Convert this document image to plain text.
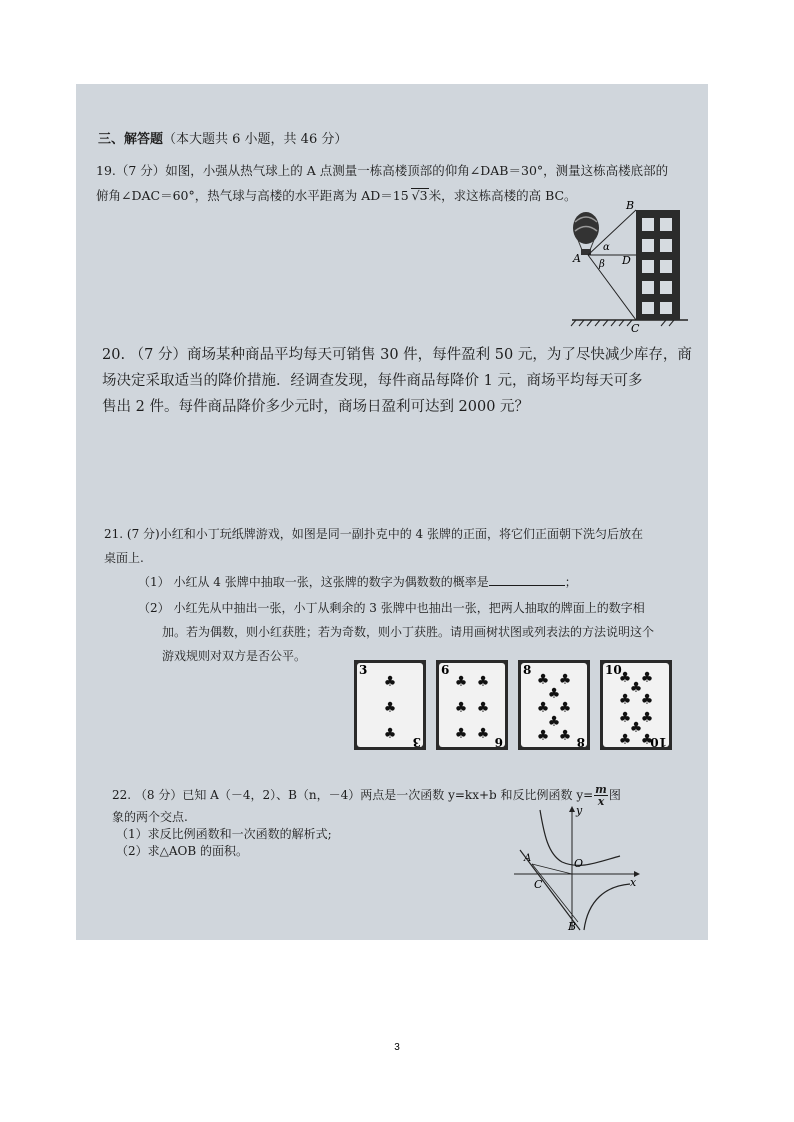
三、解答题（本大题共 6 小题，共 46 分）
19.（7 分）如图，小强从热气球上的 A 点测量一栋高楼顶部的仰角∠DAB＝30°，测量这栋高楼底部的
俯角∠DAC＝60°，热气球与高楼的水平距离为 AD＝15 √3米，求这栋高楼的高 BC。
A
B
C
D
α
β
20. （7 分）商场某种商品平均每天可销售 30 件，每件盈利 50 元，为了尽快减少库存，商
场决定采取适当的降价措施．经调查发现，每件商品每降价 1 元，商场平均每天可多
售出 2 件。每件商品降价多少元时，商场日盈利可达到 2000 元？
21. (7 分)小红和小丁玩纸牌游戏，如图是同一副扑克中的 4 张牌的正面，将它们正面朝下洗匀后放在
桌面上.
（1） 小红从 4 张牌中抽取一张，这张牌的数字为偶数数的概率是	；
（2） 小红先从中抽出一张，小丁从剩余的 3 张牌中也抽出一张，把两人抽取的牌面上的数字相
加。若为偶数，则小红获胜；若为奇数，则小丁获胜。请用画树状图或列表法的方法说明这个
游戏规则对双方是否公平。
3
3
♣
♣
♣
6
6
♣ ♣
♣ ♣
♣ ♣
8
8
♣ ♣
♣
♣ ♣
♣
♣ ♣
10
10
♣ ♣
♣
♣ ♣
♣ ♣
♣
♣ ♣
22. （8 分）已知 A（－4，2）、B（n，－4）两点是一次函数 y=kx+b 和反比例函数 $y= \frac{m}{x}$ 图
象的两个交点.
（1）求反比例函数和一次函数的解析式;
（2）求△AOB 的面积。
y
x
O
A
B
C
3
